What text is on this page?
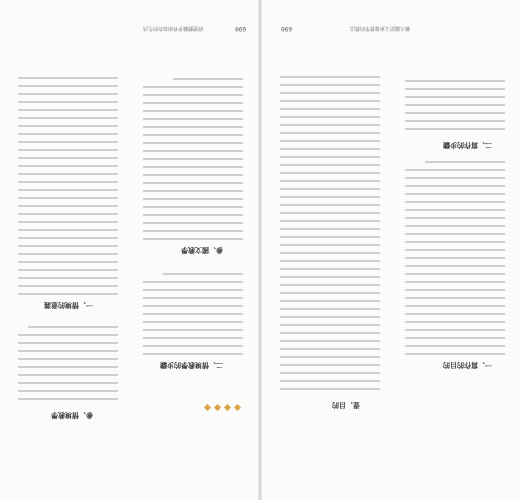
690
經歷體驗世界與寫作的生活
參、情境教學
一、情境的意義
二、情境教學的步驟
參、國文教學
690	擴大國語文素養教學的教法
壹、目的
一、寫作的目的
二、寫作的步驟
